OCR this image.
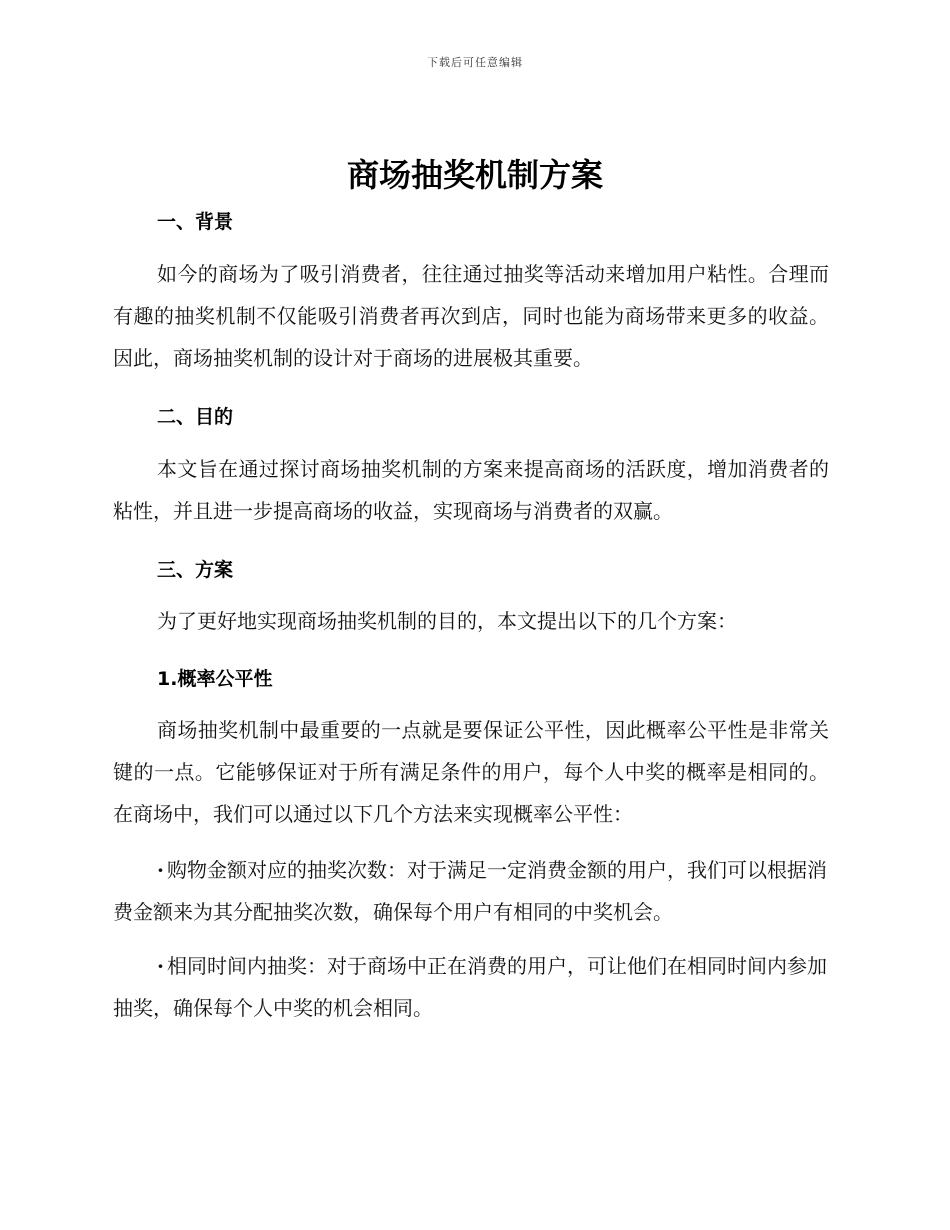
下载后可任意编辑
商场抽奖机制方案
一、背景

如今的商场为了吸引消费者，往往通过抽奖等活动来增加用户粘性。合理而有趣的抽奖机制不仅能吸引消费者再次到店，同时也能为商场带来更多的收益。因此，商场抽奖机制的设计对于商场的进展极其重要。

二、目的

本文旨在通过探讨商场抽奖机制的方案来提高商场的活跃度，增加消费者的粘性，并且进一步提高商场的收益，实现商场与消费者的双赢。

三、方案

为了更好地实现商场抽奖机制的目的，本文提出以下的几个方案：

1.概率公平性

商场抽奖机制中最重要的一点就是要保证公平性，因此概率公平性是非常关键的一点。它能够保证对于所有满足条件的用户，每个人中奖的概率是相同的。在商场中，我们可以通过以下几个方法来实现概率公平性：

· 购物金额对应的抽奖次数：对于满足一定消费金额的用户，我们可以根据消费金额来为其分配抽奖次数，确保每个用户有相同的中奖机会。

· 相同时间内抽奖：对于商场中正在消费的用户，可让他们在相同时间内参加抽奖，确保每个人中奖的机会相同。
